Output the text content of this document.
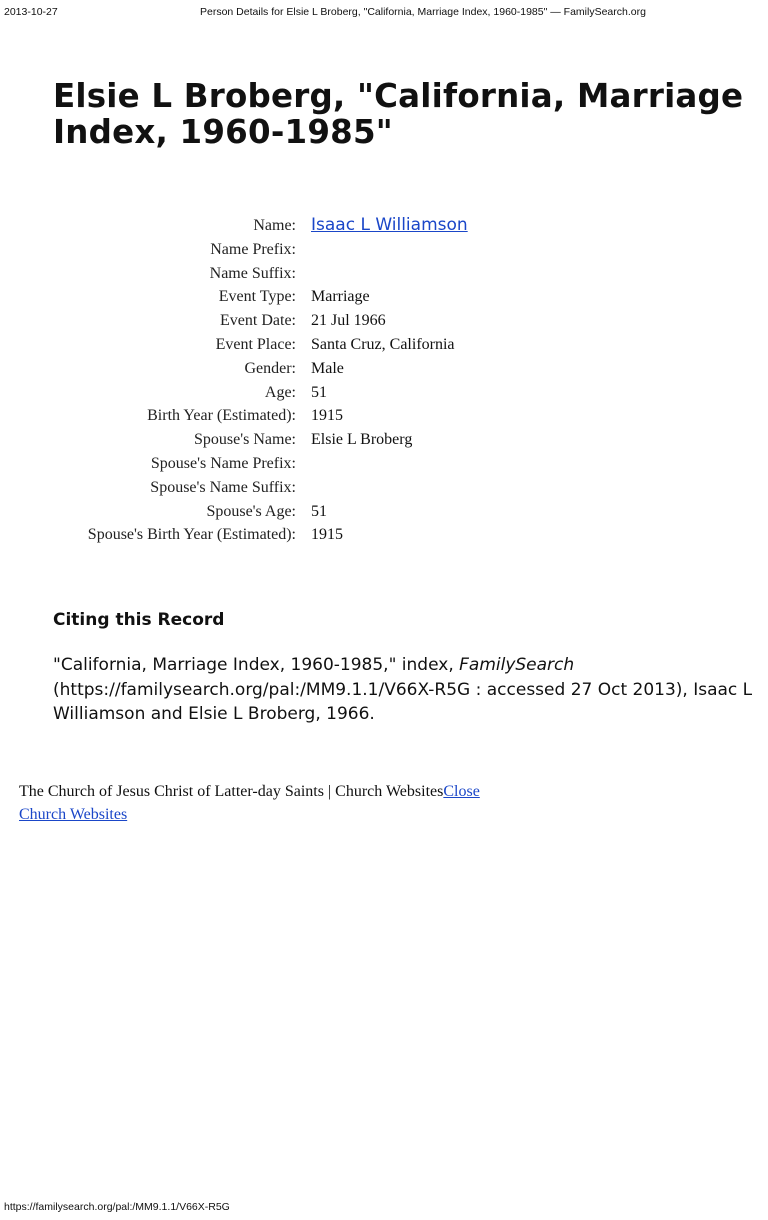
2013-10-27	Person Details for Elsie L Broberg, "California, Marriage Index, 1960-1985" — FamilySearch.org
Elsie L Broberg, "California, Marriage Index, 1960-1985"
Name: Isaac L Williamson
Name Prefix:
Name Suffix:
Event Type: Marriage
Event Date: 21 Jul 1966
Event Place: Santa Cruz, California
Gender: Male
Age: 51
Birth Year (Estimated): 1915
Spouse's Name: Elsie L Broberg
Spouse's Name Prefix:
Spouse's Name Suffix:
Spouse's Age: 51
Spouse's Birth Year (Estimated): 1915
Citing this Record

"California, Marriage Index, 1960-1985," index, FamilySearch (https://familysearch.org/pal:/MM9.1.1/V66X-R5G : accessed 27 Oct 2013), Isaac L Williamson and Elsie L Broberg, 1966.

The Church of Jesus Christ of Latter-day Saints | Church WebsitesClose
Church Websites
https://familysearch.org/pal:/MM9.1.1/V66X-R5G
